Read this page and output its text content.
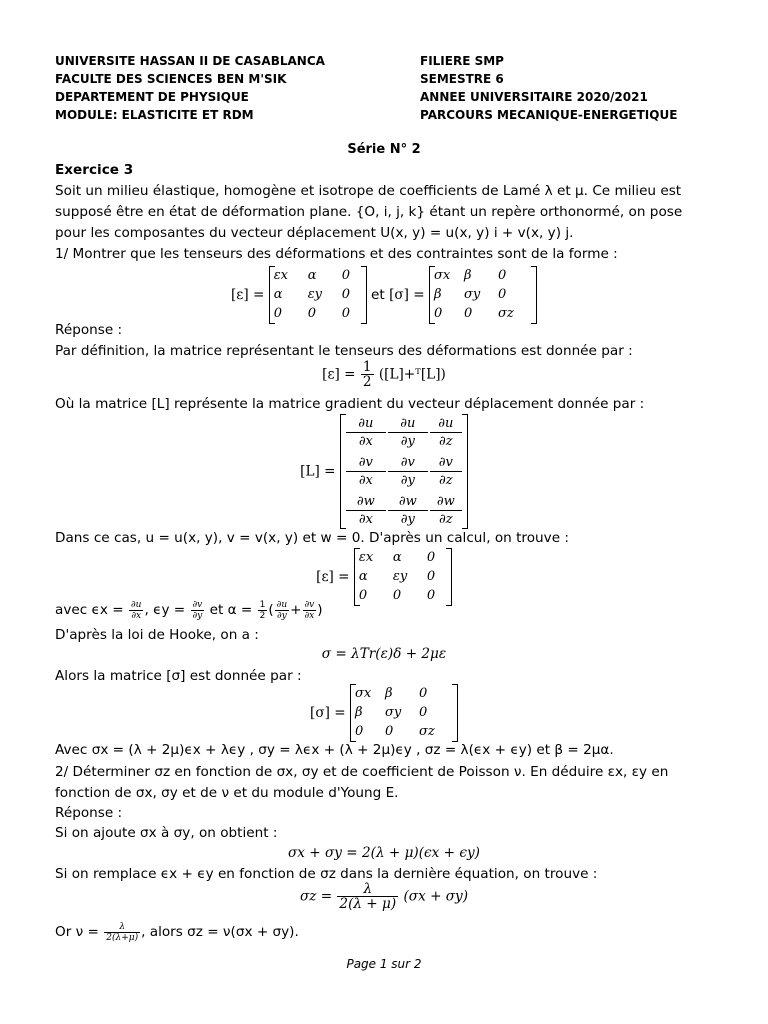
UNIVERSITE HASSAN II DE CASABLANCA
FACULTE DES SCIENCES BEN M'SIK
DEPARTEMENT DE PHYSIQUE
MODULE: ELASTICITE ET RDM
FILIERE SMP
SEMESTRE 6
ANNEE UNIVERSITAIRE 2020/2021
PARCOURS MECANIQUE-ENERGETIQUE
Série N° 2
Exercice 3
Soit un milieu élastique, homogène et isotrope de coefficients de Lamé λ et μ. Ce milieu est
supposé être en état de déformation plane. {O, i, j, k} étant un repère orthonormé, on pose
pour les composantes du vecteur déplacement U(x, y) = u(x, y) i + v(x, y) j.
1/ Montrer que les tenseurs des déformations et des contraintes sont de la forme :
[ε] =
εx	α	0
α	εy	0
0	0	0
et [σ] =
σx	β	0
β	σy	0
0	0	σz
Réponse :
Par définition, la matrice représentant le tenseurs des déformations est donnée par :
$[\varepsilon] = \frac{1}{2}$ ([L]+ᵀ[L])
Où la matrice [L] représente la matrice gradient du vecteur déplacement donnée par :
[L] =
$\frac{\partial u}{\partial x} \frac{\partial u}{\partial y} \frac{\partial u}{\partial z}$
$\frac{\partial v}{\partial x} \frac{\partial v}{\partial y} \frac{\partial v}{\partial z}$
$\frac{\partial w}{\partial x} \frac{\partial w}{\partial y} \frac{\partial w}{\partial z}$
Dans ce cas, u = u(x, y), v = v(x, y) et w = 0. D'après un calcul, on trouve :
[ε] =
εx	α	0
α	εy	0
0	0	0
avec $\epsilon x = \frac{\partial u}{\partial x}$ , $\epsilon y = \frac{\partial v}{\partial y}$ et $\alpha = \frac{1}{2}$ ( $\frac{\partial u}{\partial y} + \frac{\partial v}{\partial x}$ )
D'après la loi de Hooke, on a :
σ = λTr(ε)δ + 2με
Alors la matrice [σ] est donnée par :
[σ] =
σx	β	0
β	σy	0
0	0	σz
Avec σx = (λ + 2μ)ϵx + λϵy , σy = λϵx + (λ + 2μ)ϵy , σz = λ(ϵx + ϵy) et β = 2μα.
2/ Déterminer σz en fonction de σx, σy et de coefficient de Poisson ν. En déduire εx, εy en
fonction de σx, σy et de ν et du module d'Young E.
Réponse :
Si on ajoute σx à σy, on obtient :
σx + σy = 2(λ + μ)(ϵx + ϵy)
Si on remplace ϵx + ϵy en fonction de σz dans la dernière équation, on trouve :
$\sigma z = \frac{\lambda}{2(\lambda + \mu)} (\sigma x + \sigma y)$
Or $\nu = \frac{\lambda}{2(\lambda+\mu)}$ , alors σz = ν(σx + σy).
Page 1 sur 2
